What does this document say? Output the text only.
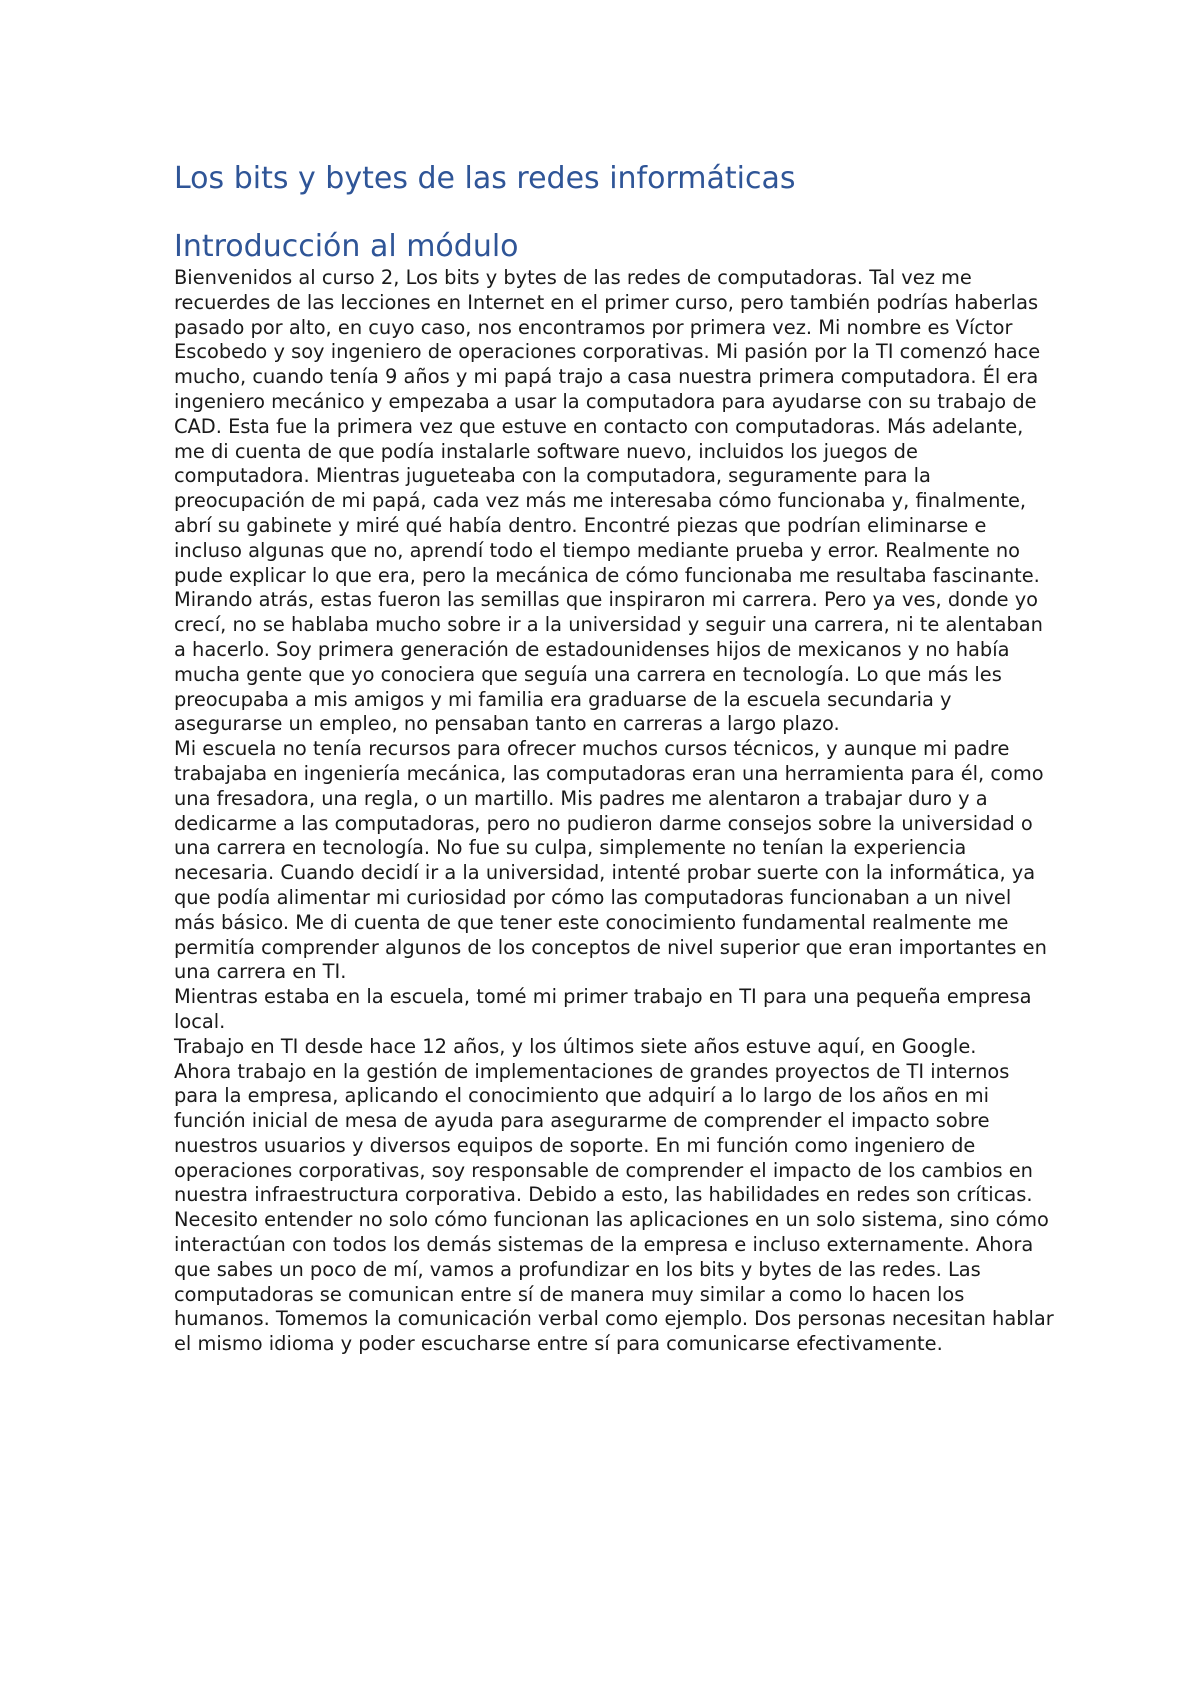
Los bits y bytes de las redes informáticas
Introducción al módulo

Bienvenidos al curso 2, Los bits y bytes de las redes de computadoras. Tal vez me recuerdes de las lecciones en Internet en el primer curso, pero también podrías haberlas pasado por alto, en cuyo caso, nos encontramos por primera vez. Mi nombre es Víctor Escobedo y soy ingeniero de operaciones corporativas. Mi pasión por la TI comenzó hace mucho, cuando tenía 9 años y mi papá trajo a casa nuestra primera computadora. Él era ingeniero mecánico y empezaba a usar la computadora para ayudarse con su trabajo de CAD. Esta fue la primera vez que estuve en contacto con computadoras. Más adelante, me di cuenta de que podía instalarle software nuevo, incluidos los juegos de computadora. Mientras jugueteaba con la computadora, seguramente para la preocupación de mi papá, cada vez más me interesaba cómo funcionaba y, finalmente, abrí su gabinete y miré qué había dentro. Encontré piezas que podrían eliminarse e incluso algunas que no, aprendí todo el tiempo mediante prueba y error. Realmente no pude explicar lo que era, pero la mecánica de cómo funcionaba me resultaba fascinante. Mirando atrás, estas fueron las semillas que inspiraron mi carrera. Pero ya ves, donde yo crecí, no se hablaba mucho sobre ir a la universidad y seguir una carrera, ni te alentaban a hacerlo. Soy primera generación de estadounidenses hijos de mexicanos y no había mucha gente que yo conociera que seguía una carrera en tecnología. Lo que más les preocupaba a mis amigos y mi familia era graduarse de la escuela secundaria y asegurarse un empleo, no pensaban tanto en carreras a largo plazo.

Mi escuela no tenía recursos para ofrecer muchos cursos técnicos, y aunque mi padre trabajaba en ingeniería mecánica, las computadoras eran una herramienta para él, como una fresadora, una regla, o un martillo. Mis padres me alentaron a trabajar duro y a dedicarme a las computadoras, pero no pudieron darme consejos sobre la universidad o una carrera en tecnología. No fue su culpa, simplemente no tenían la experiencia necesaria. Cuando decidí ir a la universidad, intenté probar suerte con la informática, ya que podía alimentar mi curiosidad por cómo las computadoras funcionaban a un nivel más básico. Me di cuenta de que tener este conocimiento fundamental realmente me permitía comprender algunos de los conceptos de nivel superior que eran importantes en una carrera en TI.

Mientras estaba en la escuela, tomé mi primer trabajo en TI para una pequeña empresa local.

Trabajo en TI desde hace 12 años, y los últimos siete años estuve aquí, en Google.

Ahora trabajo en la gestión de implementaciones de grandes proyectos de TI internos para la empresa, aplicando el conocimiento que adquirí a lo largo de los años en mi función inicial de mesa de ayuda para asegurarme de comprender el impacto sobre nuestros usuarios y diversos equipos de soporte. En mi función como ingeniero de operaciones corporativas, soy responsable de comprender el impacto de los cambios en nuestra infraestructura corporativa. Debido a esto, las habilidades en redes son críticas. Necesito entender no solo cómo funcionan las aplicaciones en un solo sistema, sino cómo interactúan con todos los demás sistemas de la empresa e incluso externamente. Ahora que sabes un poco de mí, vamos a profundizar en los bits y bytes de las redes. Las computadoras se comunican entre sí de manera muy similar a como lo hacen los humanos. Tomemos la comunicación verbal como ejemplo. Dos personas necesitan hablar

el mismo idioma y poder escucharse entre sí para comunicarse efectivamente.
